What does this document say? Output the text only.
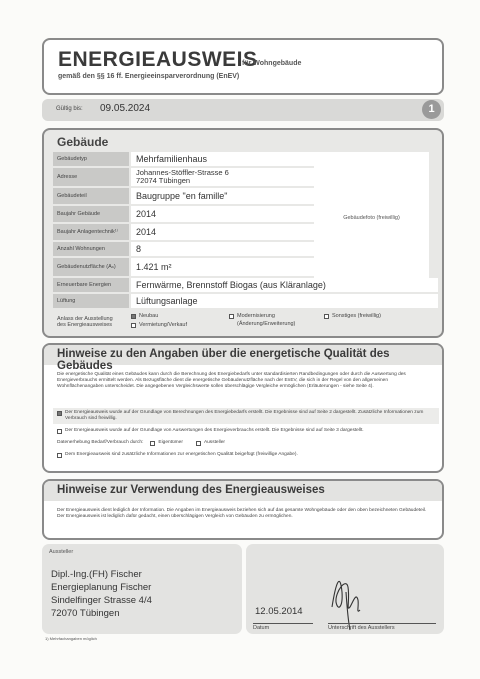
ENERGIEAUSWEIS
für Wohngebäude
gemäß den §§ 16 ff. Energieeinsparverordnung (EnEV)
Gültig bis: 09.05.2024	1
Gebäude
Gebäudetyp	Mehrfamilienhaus
Adresse	Johannes-Stöffler-Strasse 6
72074 Tübingen
Gebäudeteil	Baugruppe "en famille"
Baujahr Gebäude	2014
Baujahr Anlagentechnik¹⁾	2014
Anzahl Wohnungen	8
Gebäudenutzfläche (Aₙ)	1.421 m²
Gebäudefoto (freiwillig)
Erneuerbare Energien	Fernwärme, Brennstoff Biogas (aus Kläranlage)
Lüftung	Lüftungsanlage
Anlass der Ausstellung
des Energieausweises
Neubau
Vermietung/Verkauf
Modernisierung
(Änderung/Erweiterung)
Sonstiges (freiwillig)
Hinweise zu den Angaben über die energetische Qualität des Gebäudes
Die energetische Qualität eines Gebäudes kann durch die Berechnung des Energiebedarfs unter standardisierten Randbedingungen oder durch die Auswertung des Energieverbrauchs ermittelt werden. Als Bezugsfläche dient die energetische Gebäudenutzfläche nach der EnEV, die sich in der Regel von den allgemeinen Wohnflächenangaben unterscheidet. Die angegebenen Vergleichswerte sollen überschlägige Vergleiche ermöglichen (Erläuterungen - siehe Seite 4).
Der Energieausweis wurde auf der Grundlage von Berechnungen des Energiebedarfs erstellt. Die Ergebnisse sind auf Seite 2 dargestellt. Zusätzliche Informationen zum Verbrauch sind freiwillig.
Der Energieausweis wurde auf der Grundlage von Auswertungen des Energieverbrauchs erstellt. Die Ergebnisse sind auf Seite 3 dargestellt.
Datenerhebung Bedarf/Verbrauch durch:	Eigentümer	Aussteller
Dem Energieausweis sind zusätzliche Informationen zur energetischen Qualität beigefügt (freiwillige Angabe).
Hinweise zur Verwendung des Energieausweises
Der Energieausweis dient lediglich der Information. Die Angaben im Energieausweis beziehen sich auf das gesamte Wohngebäude oder den oben bezeichneten Gebäudeteil. Der Energieausweis ist lediglich dafür gedacht, einen überschlägigen Vergleich von Gebäuden zu ermöglichen.
Aussteller
Dipl.-Ing.(FH) Fischer
Energieplanung Fischer
Sindelfinger Strasse 4/4
72070 Tübingen	12.05.2014
Datum	Unterschrift des Ausstellers
1) Mehrfachangaben möglich
